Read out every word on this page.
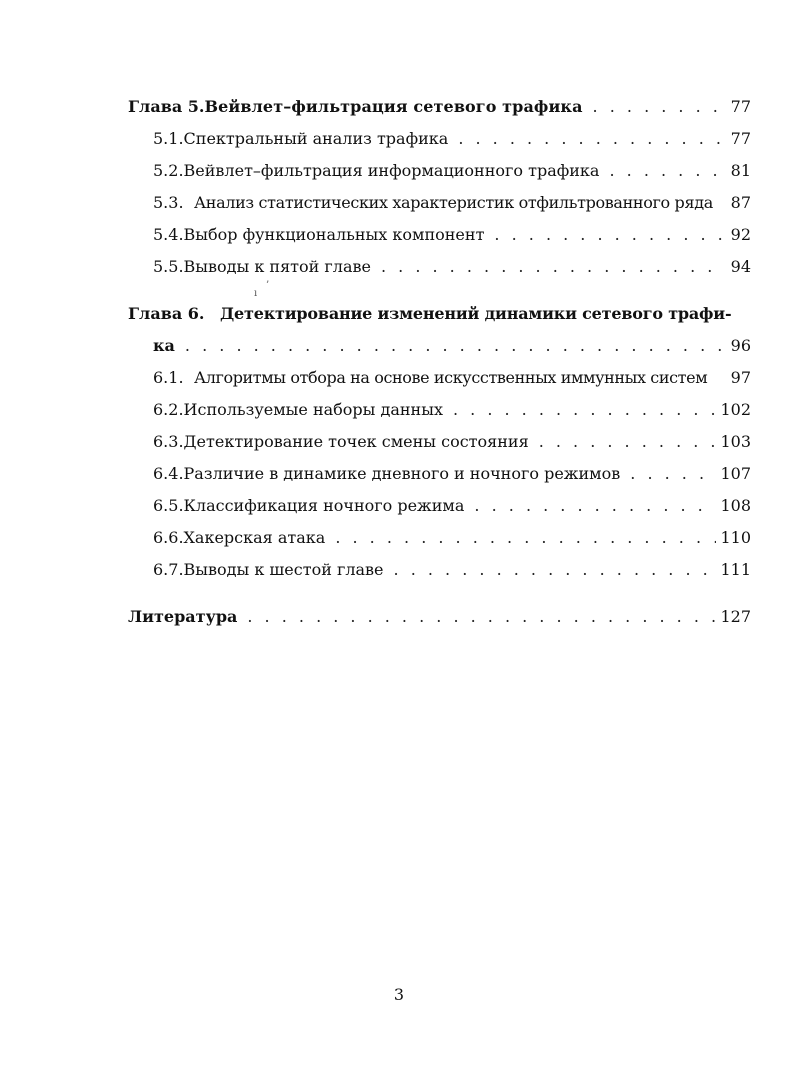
Глава 5. Вейвлет–фильтрация сетевого трафика . . .	77
5.1. Спектральный анализ трафика . . .	77
5.2. Вейвлет–фильтрация информационного трафика . . .	81
5.3. Анализ статистических характеристик отфильтрованного ряда 87
5.4. Выбор функциональных компонент . . .	92
5.5. Выводы к пятой главе . . .	94
ı
’
Глава 6. Детектирование изменений динамики сетевого трафи-
ка . . .	96
6.1. Алгоритмы отбора на основе искусственных иммунных систем 97
6.2. Используемые наборы данных . . .	102
6.3. Детектирование точек смены состояния . . .	103
6.4. Различие в динамике дневного и ночного режимов . . .	107
6.5. Классификация ночного режима . . .	108
6.6. Хакерская атака . . .	110
6.7. Выводы к шестой главе . . .	111
Литература . . .	127
3
